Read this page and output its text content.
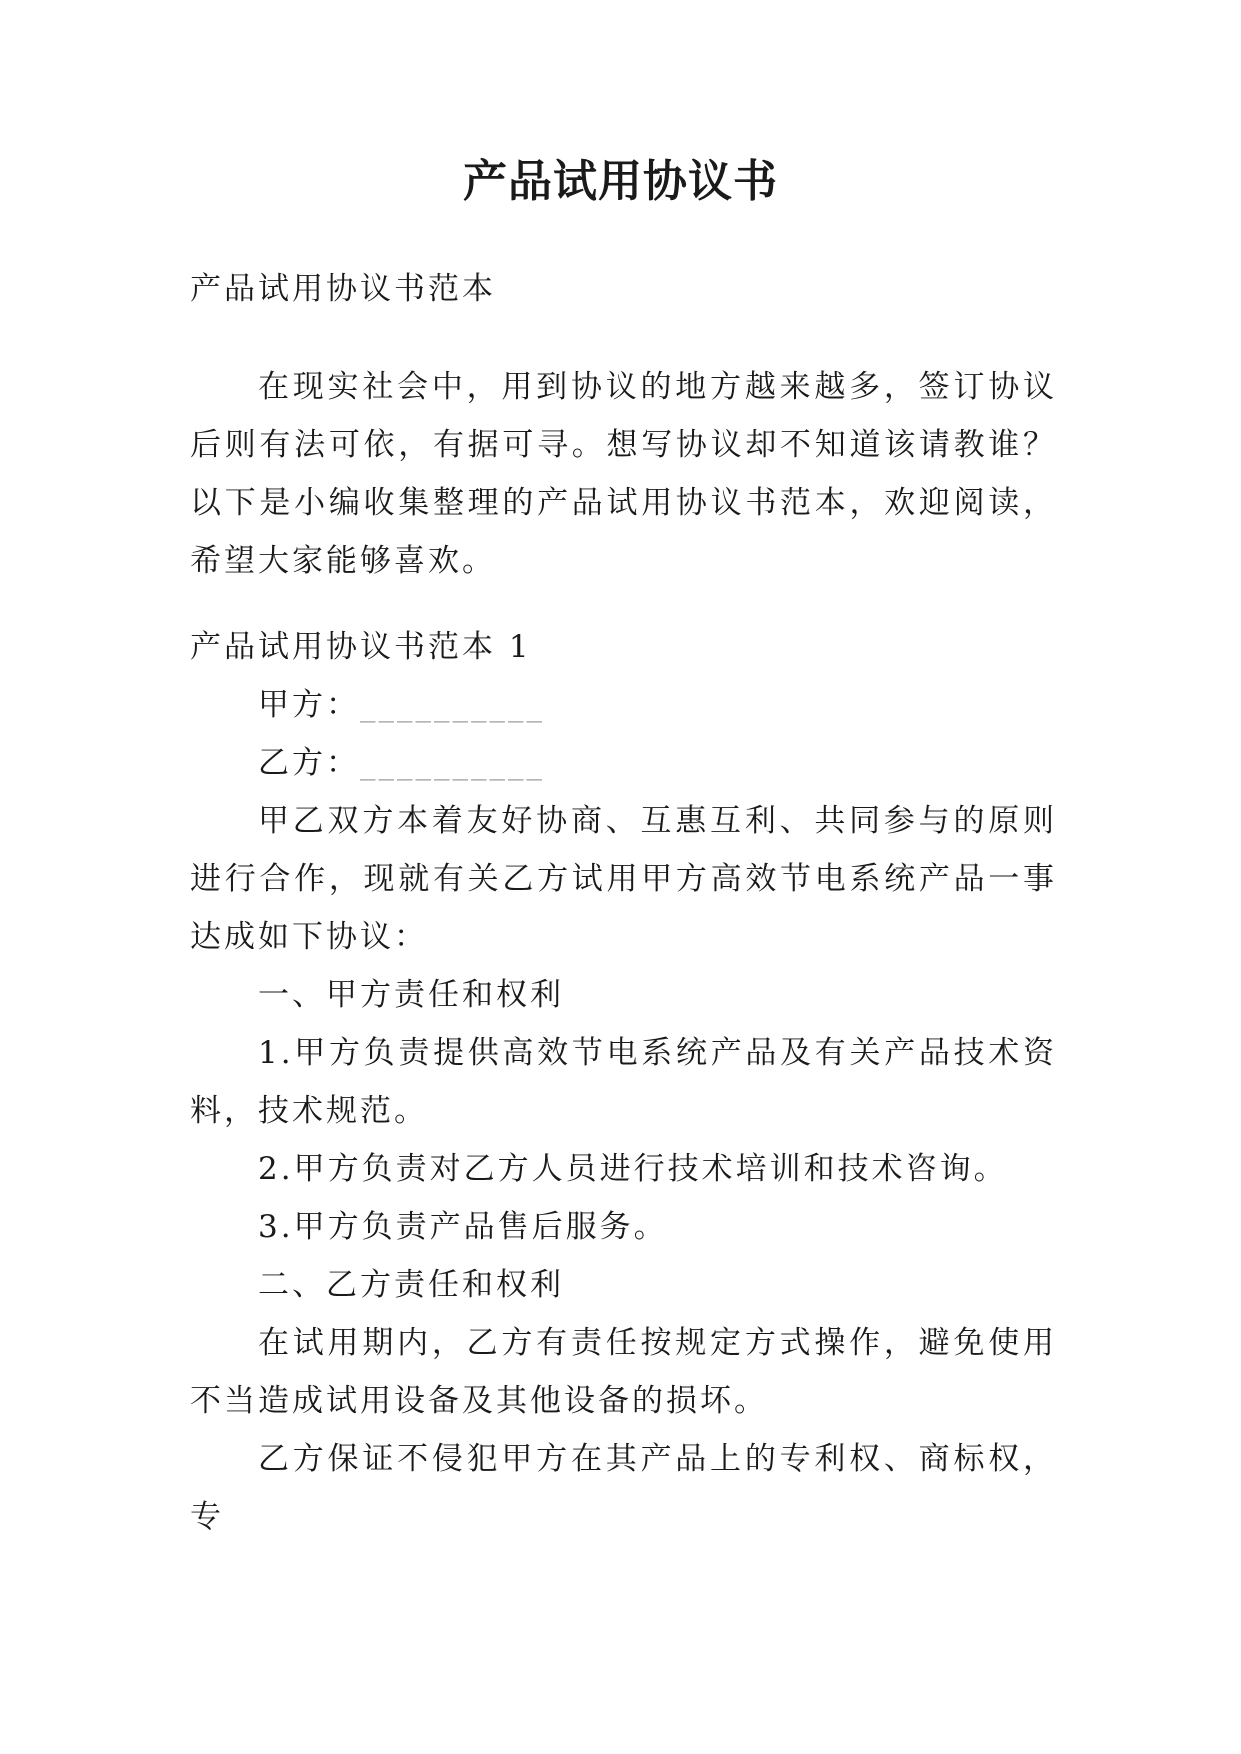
产品试用协议书

产品试用协议书范本

在现实社会中，用到协议的地方越来越多，签订协议后则有法可依，有据可寻。想写协议却不知道该请教谁？以下是小编收集整理的产品试用协议书范本，欢迎阅读，希望大家能够喜欢。

产品试用协议书范本 1

甲方：__________

乙方：__________

甲乙双方本着友好协商、互惠互利、共同参与的原则进行合作，现就有关乙方试用甲方高效节电系统产品一事达成如下协议：

一、甲方责任和权利

1.甲方负责提供高效节电系统产品及有关产品技术资料，技术规范。

2.甲方负责对乙方人员进行技术培训和技术咨询。

3.甲方负责产品售后服务。

二、乙方责任和权利

在试用期内，乙方有责任按规定方式操作，避免使用不当造成试用设备及其他设备的损坏。

乙方保证不侵犯甲方在其产品上的专利权、商标权，专
